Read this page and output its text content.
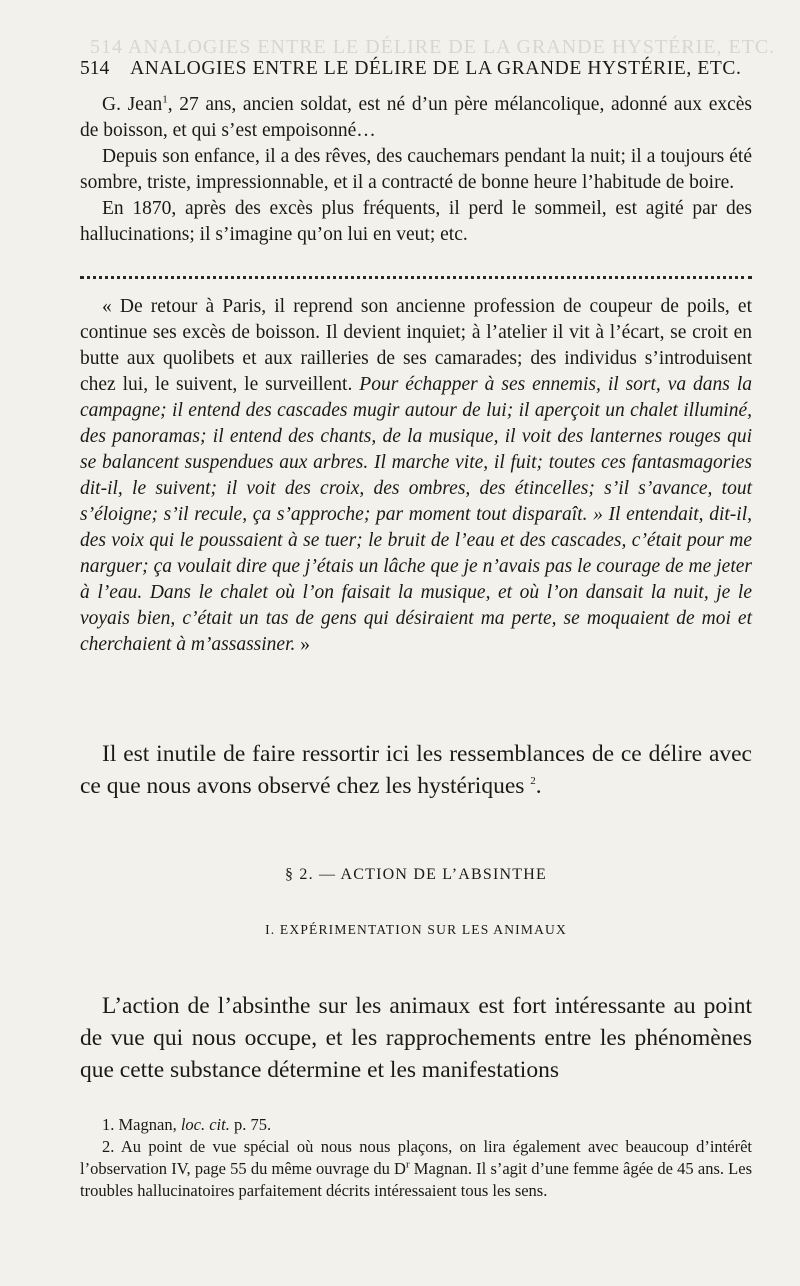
514 ANALOGIES ENTRE LE DÉLIRE DE LA GRANDE HYSTÉRIE, ETC.
514 ANALOGIES ENTRE LE DÉLIRE DE LA GRANDE HYSTÉRIE, ETC.

G. Jean$^1$, 27 ans, ancien soldat, est né d’un père mélancolique, adonné aux excès de boisson, et qui s’est empoisonné…

Depuis son enfance, il a des rêves, des cauchemars pendant la nuit; il a toujours été sombre, triste, impressionnable, et il a contracté de bonne heure l’habitude de boire.

En 1870, après des excès plus fréquents, il perd le sommeil, est agité par des hallucinations; il s’imagine qu’on lui en veut; etc.

« De retour à Paris, il reprend son ancienne profession de coupeur de poils, et continue ses excès de boisson. Il devient inquiet; à l’atelier il vit à l’écart, se croit en butte aux quolibets et aux railleries de ses camarades; des individus s’introduisent chez lui, le suivent, le surveillent. Pour échapper à ses ennemis, il sort, va dans la campagne; il entend des cascades mugir autour de lui; il aperçoit un chalet illuminé, des panoramas; il entend des chants, de la musique, il voit des lanternes rouges qui se balancent suspendues aux arbres. Il marche vite, il fuit; toutes ces fantasmagories dit-il, le suivent; il voit des croix, des ombres, des étincelles; s’il s’avance, tout s’éloigne; s’il recule, ça s’approche; par moment tout disparaît. » Il entendait, dit-il, des voix qui le poussaient à se tuer; le bruit de l’eau et des cascades, c’était pour me narguer; ça voulait dire que j’étais un lâche que je n’avais pas le courage de me jeter à l’eau. Dans le chalet où l’on faisait la musique, et où l’on dansait la nuit, je le voyais bien, c’était un tas de gens qui désiraient ma perte, se moquaient de moi et cherchaient à m’assassiner. »

Il est inutile de faire ressortir ici les ressemblances de ce délire avec ce que nous avons observé chez les hystériques $^2$.

§ 2. — ACTION DE L’ABSINTHE
I. EXPÉRIMENTATION SUR LES ANIMAUX

L’action de l’absinthe sur les animaux est fort intéressante au point de vue qui nous occupe, et les rapprochements entre les phénomènes que cette substance détermine et les manifestations

1. Magnan, loc. cit. p. 75.

2. Au point de vue spécial où nous nous plaçons, on lira également avec beaucoup d’intérêt l’observation IV, page 55 du même ouvrage du $D^r$ Magnan. Il s’agit d’une femme âgée de 45 ans. Les troubles hallucinatoires parfaitement décrits intéressaient tous les sens.
